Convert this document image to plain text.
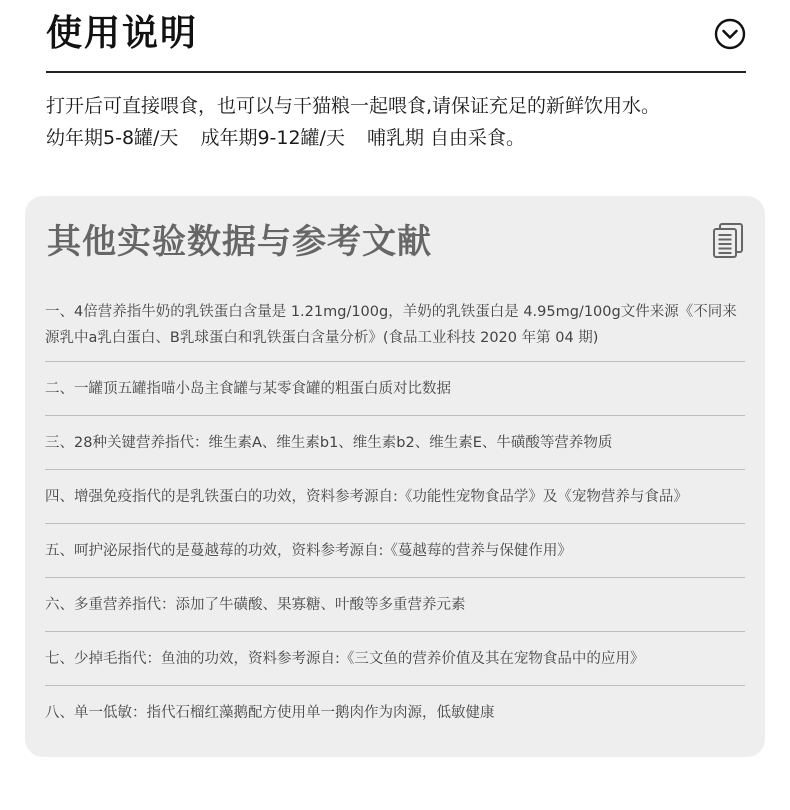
使用说明

打开后可直接喂食，也可以与干猫粮一起喂食,请保证充足的新鲜饮用水。

幼年期5-8罐/天 成年期9-12罐/天 哺乳期 自由采食。

其他实验数据与参考文献
一、4倍营养指牛奶的乳铁蛋白含量是 1.21mg/100g，羊奶的乳铁蛋白是 4.95mg/100g文件来源《不同来源乳中a乳白蛋白、B乳球蛋白和乳铁蛋白含量分析》(食品工业科技 2020 年第 04 期)
二、一罐顶五罐指喵小岛主食罐与某零食罐的粗蛋白质对比数据
三、28种关键营养指代：维生素A、维生素b1、维生素b2、维生素E、牛磺酸等营养物质
四、增强免疫指代的是乳铁蛋白的功效，资料参考源自:《功能性宠物食品学》及《宠物营养与食品》
五、呵护泌尿指代的是蔓越莓的功效，资料参考源自:《蔓越莓的营养与保健作用》
六、多重营养指代：添加了牛磺酸、果寡糖、叶酸等多重营养元素
七、少掉毛指代：鱼油的功效，资料参考源自:《三文鱼的营养价值及其在宠物食品中的应用》
八、单一低敏：指代石榴红藻鹅配方使用单一鹅肉作为肉源，低敏健康
